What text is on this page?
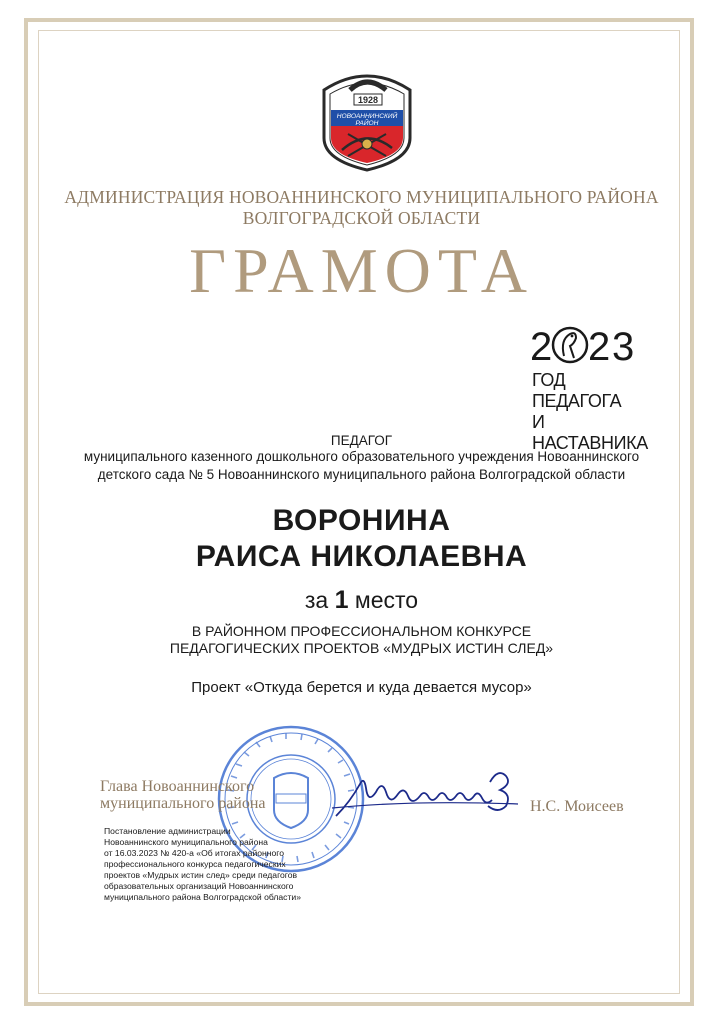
1928
НОВОАННИНСКИЙ
РАЙОН
АДМИНИСТРАЦИЯ НОВОАННИНСКОГО МУНИЦИПАЛЬНОГО РАЙОНА
ВОЛГОГРАДСКОЙ ОБЛАСТИ
ГРАМОТА
2 2 3
ГОД ПЕДАГОГА
И НАСТАВНИКА
ПЕДАГОГ
муниципального казенного дошкольного образовательного учреждения Новоаннинского
детского сада № 5 Новоаннинского муниципального района Волгоградской области
ВОРОНИНА
РАИСА НИКОЛАЕВНА
за 1 место
В РАЙОННОМ ПРОФЕССИОНАЛЬНОМ КОНКУРСЕ
ПЕДАГОГИЧЕСКИХ ПРОЕКТОВ «МУДРЫХ ИСТИН СЛЕД»
Проект «Откуда берется и куда девается мусор»
Глава Новоаннинского
муниципального района	Н.С. Моисеев
Постановление администрации
Новоаннинского муниципального района
от 16.03.2023 № 420-а «Об итогах районного
профессионального конкурса педагогических
проектов «Мудрых истин след» среди педагогов
образовательных организаций Новоаннинского
муниципального района Волгоградской области»
